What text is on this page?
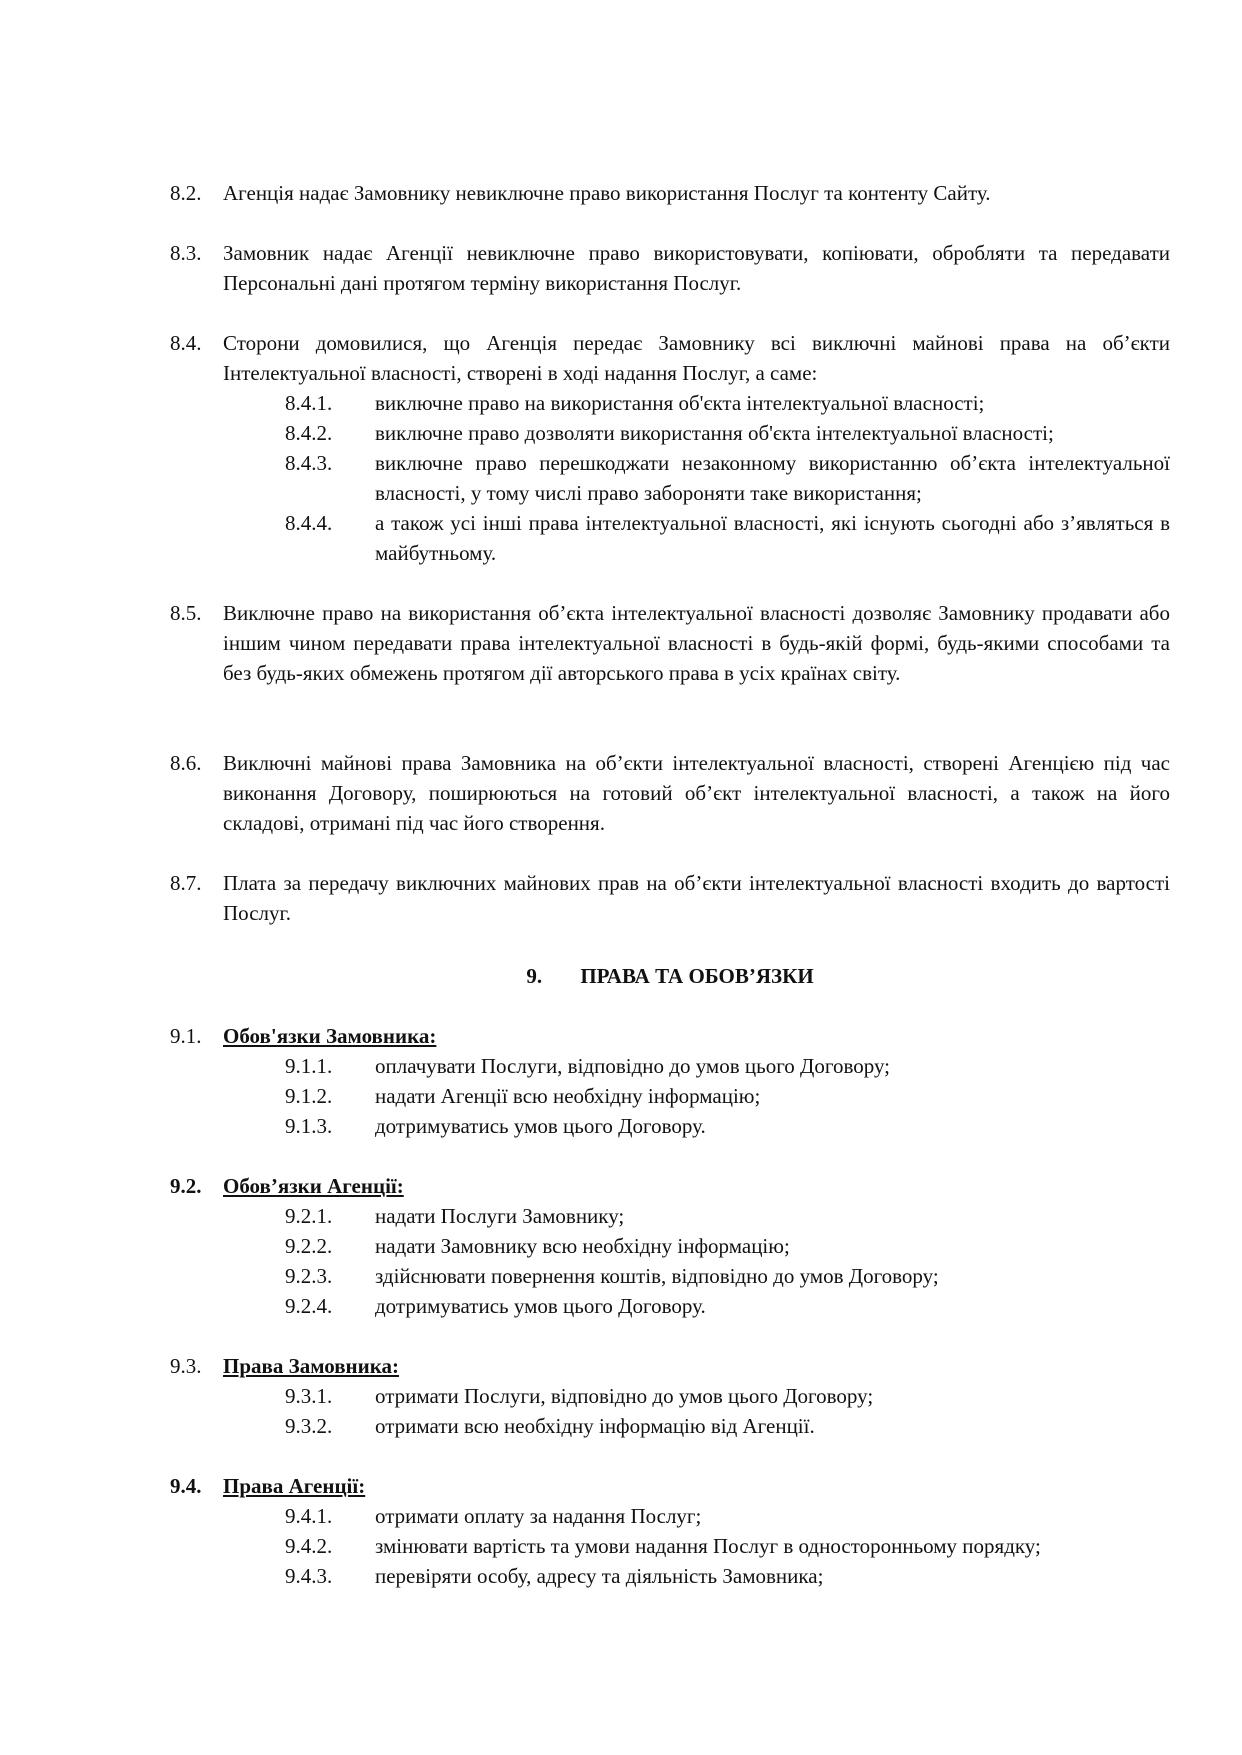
8.2. Агенція надає Замовнику невиключне право використання Послуг та контенту Сайту.
8.3. Замовник надає Агенції невиключне право використовувати, копіювати, обробляти та передавати Персональні дані протягом терміну використання Послуг.
8.4. Сторони домовилися, що Агенція передає Замовнику всі виключні майнові права на об’єкти Інтелектуальної власності, створені в ході надання Послуг, а саме:
8.4.1. виключне право на використання об'єкта інтелектуальної власності;
8.4.2. виключне право дозволяти використання об'єкта інтелектуальної власності;
8.4.3. виключне право перешкоджати незаконному використанню об’єкта інтелектуальної власності, у тому числі право забороняти таке використання;
8.4.4. а також усі інші права інтелектуальної власності, які існують сьогодні або з’являться в майбутньому.
8.5. Виключне право на використання об’єкта інтелектуальної власності дозволяє Замовнику продавати або іншим чином передавати права інтелектуальної власності в будь-якій формі, будь-якими способами та без будь-яких обмежень протягом дії авторського права в усіх країнах світу.
8.6. Виключні майнові права Замовника на об’єкти інтелектуальної власності, створені Агенцією під час виконання Договору, поширюються на готовий об’єкт інтелектуальної власності, а також на його складові, отримані під час його створення.
8.7. Плата за передачу виключних майнових прав на об’єкти інтелектуальної власності входить до вартості Послуг.
9. ПРАВА ТА ОБОВ’ЯЗКИ
9.1. Обов'язки Замовника:
9.1.1. оплачувати Послуги, відповідно до умов цього Договору;
9.1.2. надати Агенції всю необхідну інформацію;
9.1.3. дотримуватись умов цього Договору.
9.2. Обов’язки Агенції:
9.2.1. надати Послуги Замовнику;
9.2.2. надати Замовнику всю необхідну інформацію;
9.2.3. здійснювати повернення коштів, відповідно до умов Договору;
9.2.4. дотримуватись умов цього Договору.
9.3. Права Замовника:
9.3.1. отримати Послуги, відповідно до умов цього Договору;
9.3.2. отримати всю необхідну інформацію від Агенції.
9.4. Права Агенції:
9.4.1. отримати оплату за надання Послуг;
9.4.2. змінювати вартість та умови надання Послуг в односторонньому порядку;
9.4.3. перевіряти особу, адресу та діяльність Замовника;
